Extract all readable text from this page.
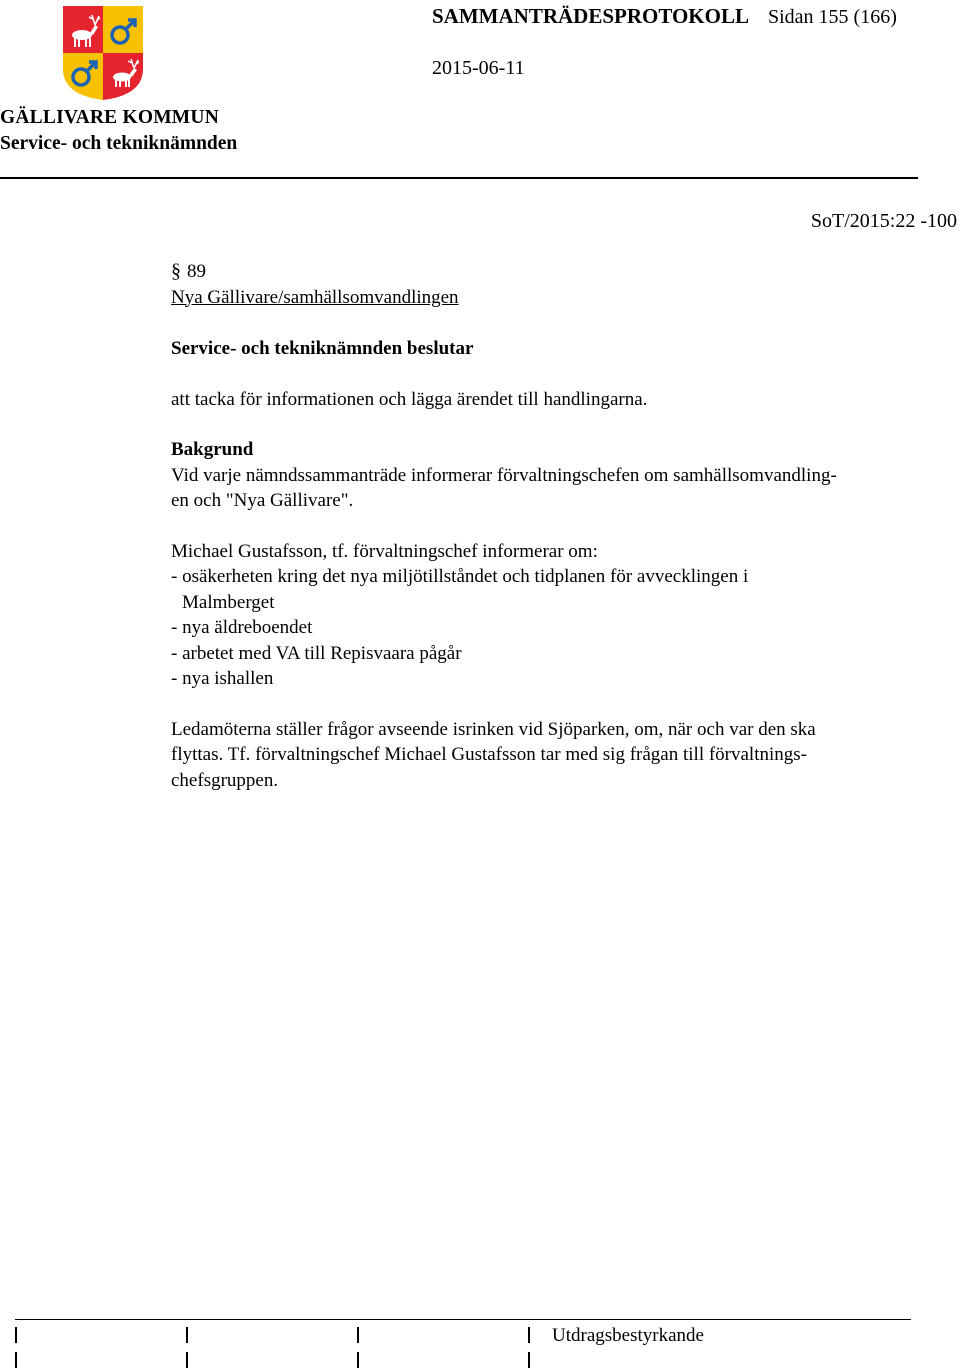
SAMMANTRÄDESPROTOKOLL Sidan 155 (166)
2015-06-11
GÄLLIVARE KOMMUN
Service- och tekniknämnden
SoT/2015:22 -100

§ 89

Nya Gällivare/samhällsomvandlingen

Service- och tekniknämnden beslutar

att tacka för informationen och lägga ärendet till handlingarna.

Bakgrund

Vid varje nämndssammanträde informerar förvaltningschefen om samhällsomvandling-

en och "Nya Gällivare".

Michael Gustafsson, tf. förvaltningschef informerar om:

- osäkerheten kring det nya miljötillståndet och tidplanen för avvecklingen i

Malmberget

- nya äldreboendet

- arbetet med VA till Repisvaara pågår

- nya ishallen

Ledamöterna ställer frågor avseende isrinken vid Sjöparken, om, när och var den ska

flyttas. Tf. förvaltningschef Michael Gustafsson tar med sig frågan till förvaltnings-

chefsgruppen.

Utdragsbestyrkande
